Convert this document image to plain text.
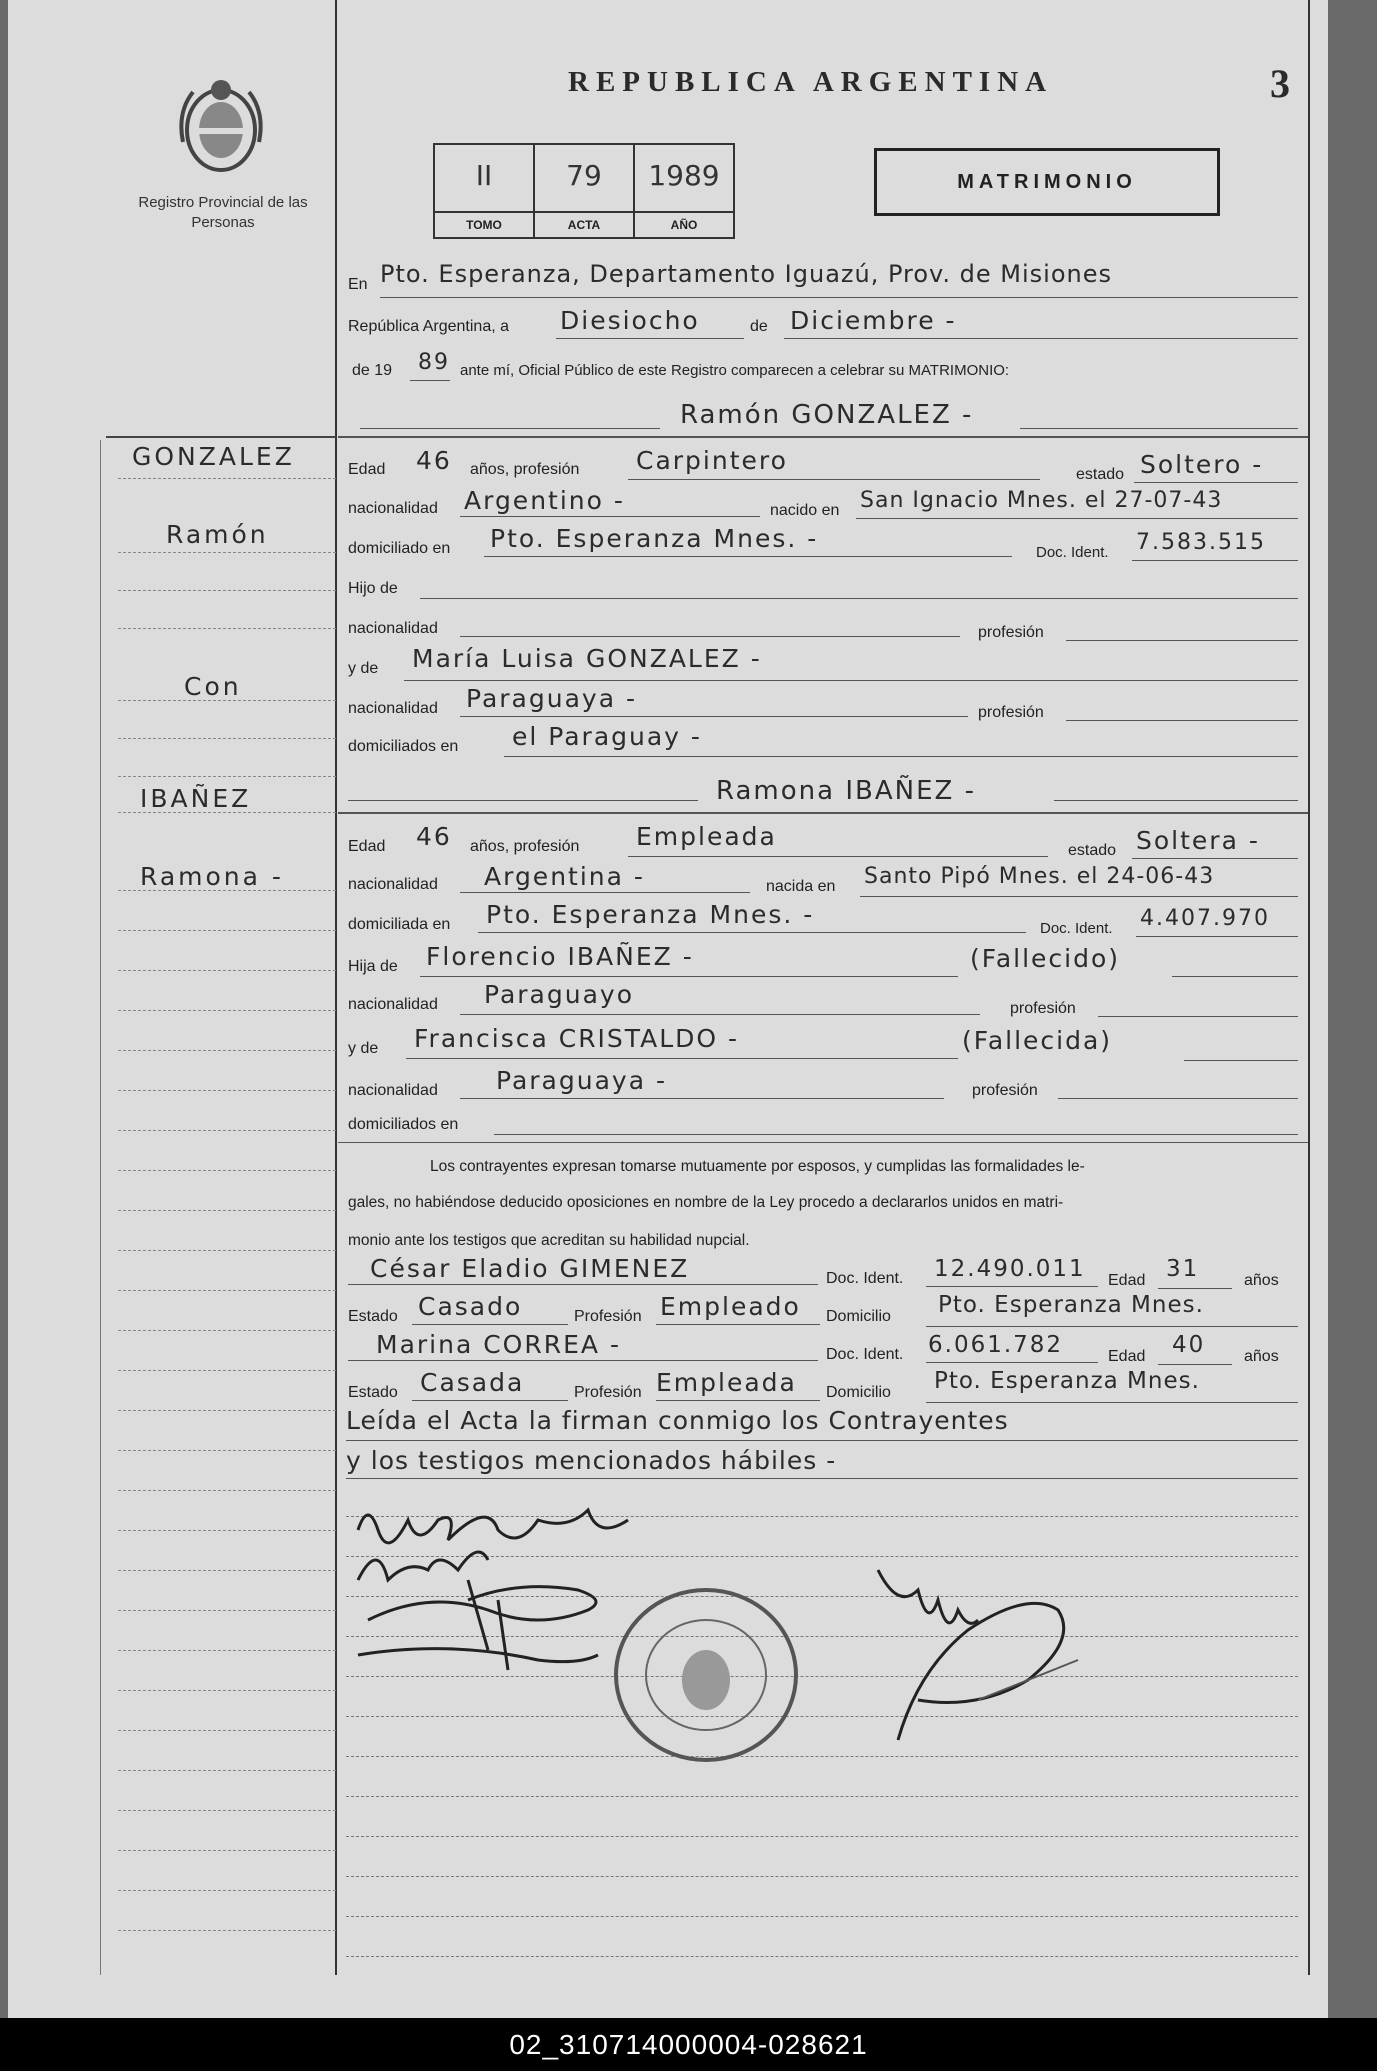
Registro Provincial de las Personas
REPUBLICA ARGENTINA	3
II
TOMO
79
ACTA
1989
AÑO
MATRIMONIO
En Pto. Esperanza, Departamento Iguazú, Prov. de Misiones
República Argentina, a Diesiocho	de Diciembre -
de 19 89 ante mí, Oficial Público de este Registro comparecen a celebrar su MATRIMONIO:
Ramón GONZALEZ -
GONZALEZ
Ramón
Con
IBAÑEZ
Ramona -
Edad 46 años, profesión Carpintero	estado Soltero -
nacionalidad Argentino -	nacido en San Ignacio Mnes. el 27-07-43
domiciliado en Pto. Esperanza Mnes. -	Doc. Ident. 7.583.515
Hijo de
nacionalidad	profesión
y de María Luisa GONZALEZ -
nacionalidad Paraguaya -	profesión
domiciliados en el Paraguay -
Ramona IBAÑEZ -
Edad 46 años, profesión Empleada	estado Soltera -
nacionalidad Argentina -	nacida en Santo Pipó Mnes. el 24-06-43
domiciliada en Pto. Esperanza Mnes. -	Doc. Ident. 4.407.970
Hija de Florencio IBAÑEZ -	(Fallecido)
nacionalidad Paraguayo	profesión
y de Francisca CRISTALDO -	(Fallecida)
nacionalidad Paraguaya -	profesión
domiciliados en
Los contrayentes expresan tomarse mutuamente por esposos, y cumplidas las formalidades le-
gales, no habiéndose deducido oposiciones en nombre de la Ley procedo a declararlos unidos en matri-
monio ante los testigos que acreditan su habilidad nupcial.
César Eladio GIMENEZ	Doc. Ident. 12.490.011 Edad 31	años
Estado Casado	Profesión Empleado Domicilio Pto. Esperanza Mnes.
Marina CORREA -	Doc. Ident. 6.061.782	Edad 40 años
Estado Casada	Profesión Empleada Domicilio Pto. Esperanza Mnes.
Leída el Acta la firman conmigo los Contrayentes
y los testigos mencionados hábiles -
02_310714000004-028621
